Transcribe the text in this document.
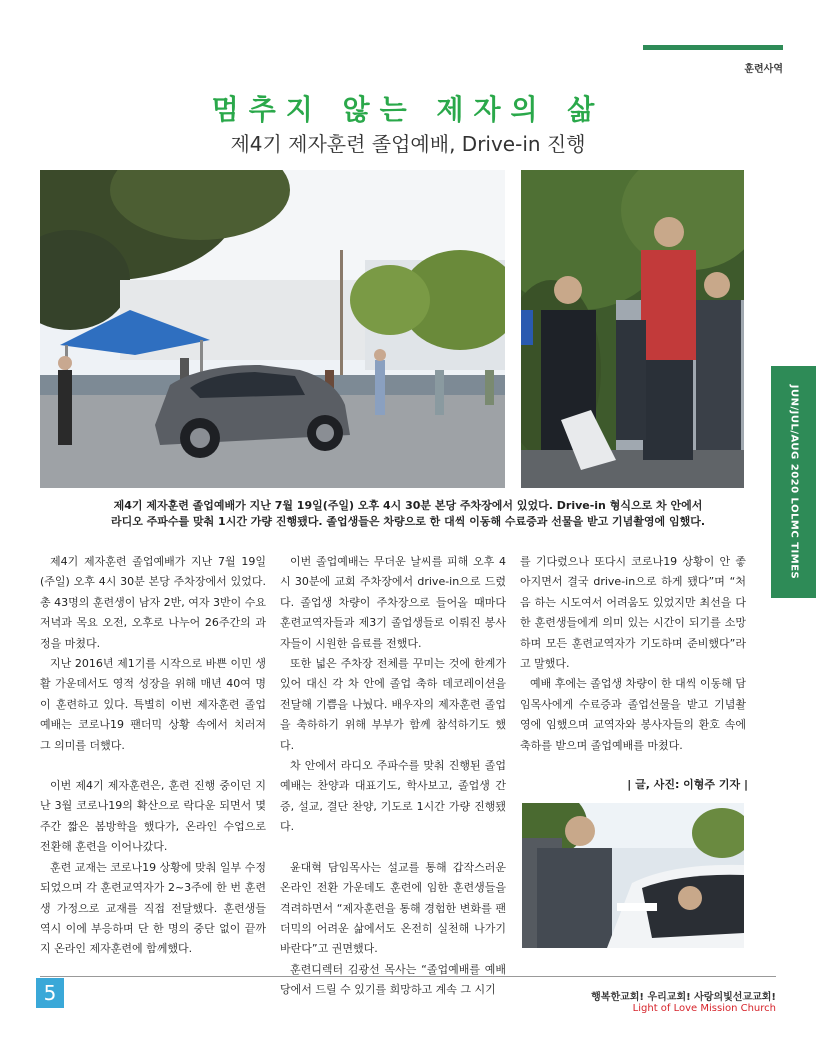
훈련사역
멈추지 않는 제자의 삶
제4기 제자훈련 졸업예배, Drive-in 진행
JUN/JUL/AUG 2020 LOLMC TIMES
제4기 제자훈련 졸업예배가 지난 7월 19일(주일) 오후 4시 30분 본당 주차장에서 있었다. Drive-in 형식으로 차 안에서
라디오 주파수를 맞춰 1시간 가량 진행됐다. 졸업생들은 차량으로 한 대씩 이동해 수료증과 선물을 받고 기념촬영에 임했다.

제4기 제자훈련 졸업예배가 지난 7월 19일(주일) 오후 4시 30분 본당 주차장에서 있었다. 총 43명의 훈련생이 남자 2반, 여자 3반이 수요 저녁과 목요 오전, 오후로 나누어 26주간의 과정을 마쳤다.

지난 2016년 제1기를 시작으로 바쁜 이민 생활 가운데서도 영적 성장을 위해 매년 40여 명이 훈련하고 있다. 특별히 이번 제자훈련 졸업예배는 코로나19 팬더믹 상황 속에서 치러져 그 의미를 더했다.

이번 제4기 제자훈련은, 훈련 진행 중이던 지난 3월 코로나19의 확산으로 락다운 되면서 몇 주간 짧은 봄방학을 했다가, 온라인 수업으로 전환해 훈련을 이어나갔다.

훈련 교재는 코로나19 상황에 맞춰 일부 수정되었으며 각 훈련교역자가 2~3주에 한 번 훈련생 가정으로 교재를 직접 전달했다. 훈련생들 역시 이에 부응하며 단 한 명의 중단 없이 끝까지 온라인 제자훈련에 함께했다.

이번 졸업예배는 무더운 날씨를 피해 오후 4시 30분에 교회 주차장에서 drive-in으로 드렸다. 졸업생 차량이 주차장으로 들어올 때마다 훈련교역자들과 제3기 졸업생들로 이뤄진 봉사자들이 시원한 음료를 전했다.

또한 넓은 주차장 전체를 꾸미는 것에 한계가 있어 대신 각 차 안에 졸업 축하 데코레이션을 전달해 기쁨을 나눴다. 배우자의 제자훈련 졸업을 축하하기 위해 부부가 함께 참석하기도 했다.

차 안에서 라디오 주파수를 맞춰 진행된 졸업예배는 찬양과 대표기도, 학사보고, 졸업생 간증, 설교, 결단 찬양, 기도로 1시간 가량 진행됐다.

윤대혁 담임목사는 설교를 통해 갑작스러운 온라인 전환 가운데도 훈련에 임한 훈련생들을 격려하면서 “제자훈련을 통해 경험한 변화를 팬더믹의 어려운 삶에서도 온전히 실천해 나가기 바란다”고 권면했다.

훈련디렉터 김광선 목사는 “졸업예배를 예배당에서 드릴 수 있기를 희망하고 계속 그 시기

를 기다렸으나 또다시 코로나19 상황이 안 좋아지면서 결국 drive-in으로 하게 됐다”며 “처음 하는 시도여서 어려움도 있었지만 최선을 다한 훈련생들에게 의미 있는 시간이 되기를 소망하며 모든 훈련교역자가 기도하며 준비했다”라고 말했다.

예배 후에는 졸업생 차량이 한 대씩 이동해 담임목사에게 수료증과 졸업선물을 받고 기념촬영에 임했으며 교역자와 봉사자들의 환호 속에 축하를 받으며 졸업예배를 마쳤다.

| 글, 사진: 이형주 기자 |
5	행복한교회! 우리교회! 사랑의빛선교교회!
Light of Love Mission Church
